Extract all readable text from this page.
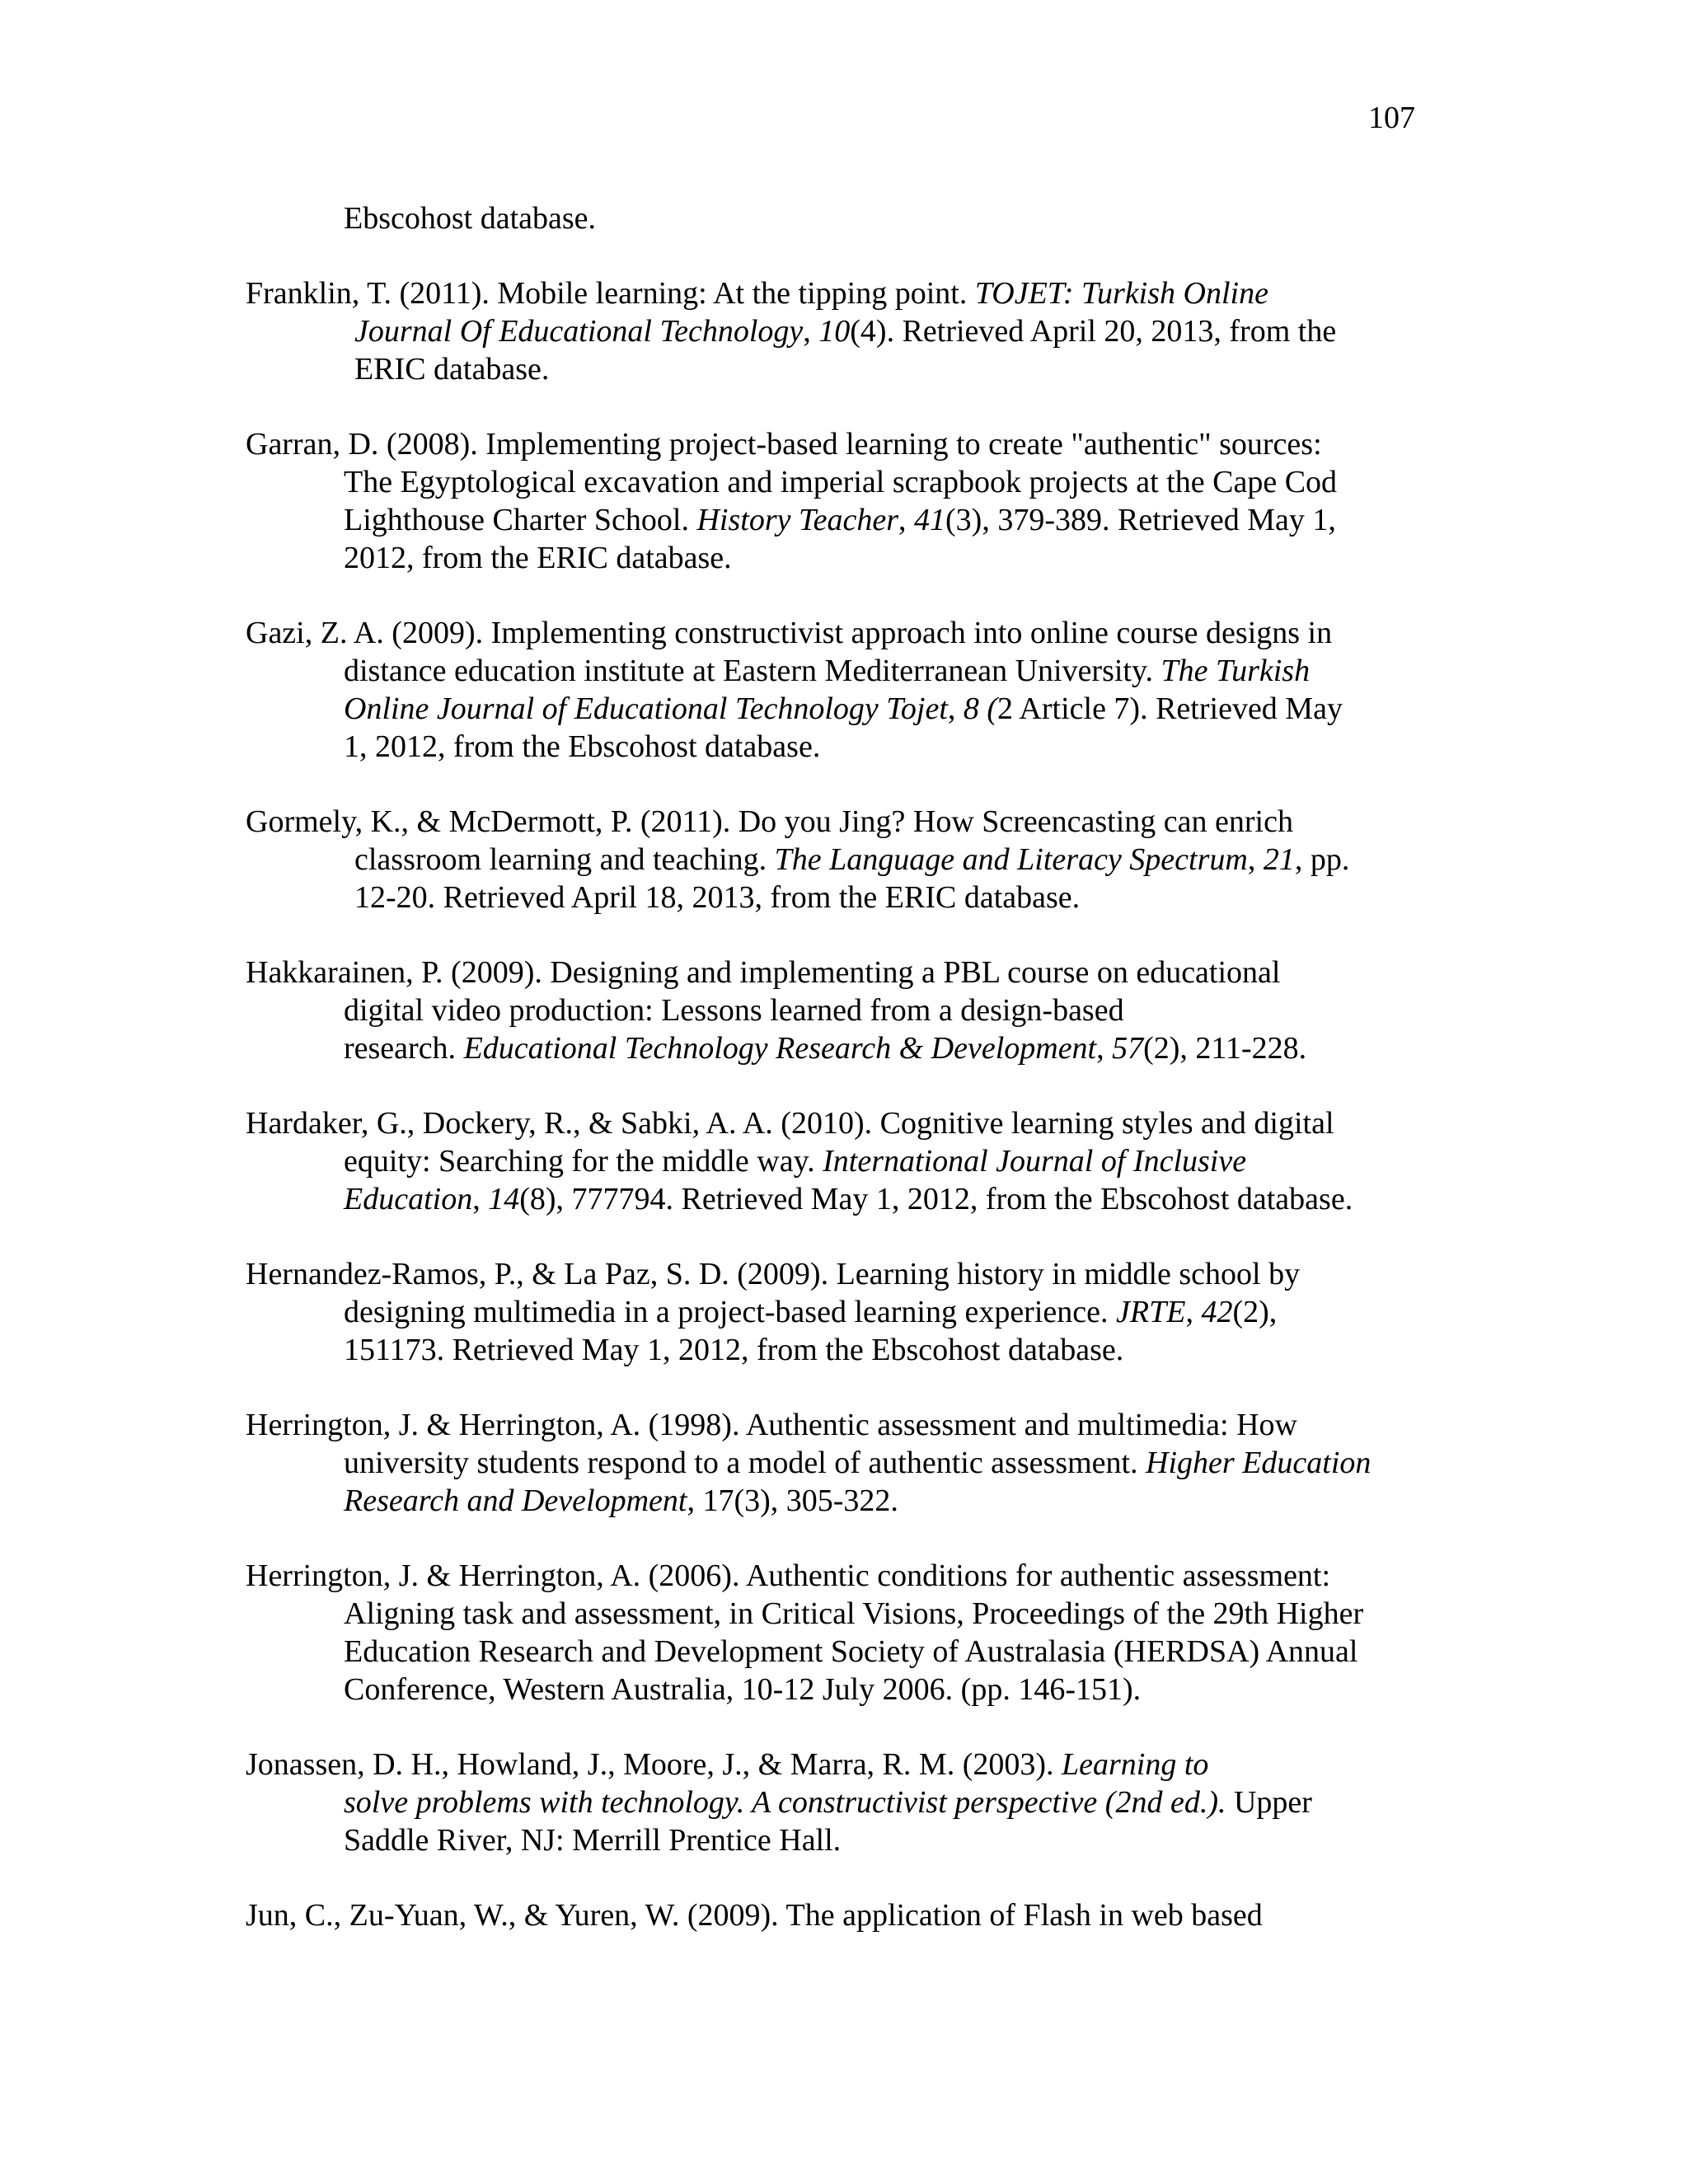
107
Ebscohost database.
Franklin, T. (2011). Mobile learning: At the tipping point. TOJET: Turkish Online
Journal Of Educational Technology, 10(4). Retrieved April 20, 2013, from the
ERIC database.
Garran, D. (2008). Implementing project-based learning to create "authentic" sources:
The Egyptological excavation and imperial scrapbook projects at the Cape Cod
Lighthouse Charter School. History Teacher, 41(3), 379-389. Retrieved May 1,
2012, from the ERIC database.
Gazi, Z. A. (2009). Implementing constructivist approach into online course designs in
distance education institute at Eastern Mediterranean University. The Turkish
Online Journal of Educational Technology Tojet, 8 (2 Article 7). Retrieved May
1, 2012, from the Ebscohost database.
Gormely, K., & McDermott, P. (2011). Do you Jing? How Screencasting can enrich
classroom learning and teaching. The Language and Literacy Spectrum, 21, pp.
12-20. Retrieved April 18, 2013, from the ERIC database.
Hakkarainen, P. (2009). Designing and implementing a PBL course on educational
digital video production: Lessons learned from a design-based
research. Educational Technology Research & Development, 57(2), 211-228.
Hardaker, G., Dockery, R., & Sabki, A. A. (2010). Cognitive learning styles and digital
equity: Searching for the middle way. International Journal of Inclusive
Education, 14(8), 777794. Retrieved May 1, 2012, from the Ebscohost database.
Hernandez-Ramos, P., & La Paz, S. D. (2009). Learning history in middle school by
designing multimedia in a project-based learning experience. JRTE, 42(2),
151173. Retrieved May 1, 2012, from the Ebscohost database.
Herrington, J. & Herrington, A. (1998). Authentic assessment and multimedia: How
university students respond to a model of authentic assessment. Higher Education
Research and Development, 17(3), 305-322.
Herrington, J. & Herrington, A. (2006). Authentic conditions for authentic assessment:
Aligning task and assessment, in Critical Visions, Proceedings of the 29th Higher
Education Research and Development Society of Australasia (HERDSA) Annual
Conference, Western Australia, 10-12 July 2006. (pp. 146-151).
Jonassen, D. H., Howland, J., Moore, J., & Marra, R. M. (2003). Learning to
solve problems with technology. A constructivist perspective (2nd ed.). Upper
Saddle River, NJ: Merrill Prentice Hall.
Jun, C., Zu-Yuan, W., & Yuren, W. (2009). The application of Flash in web based
